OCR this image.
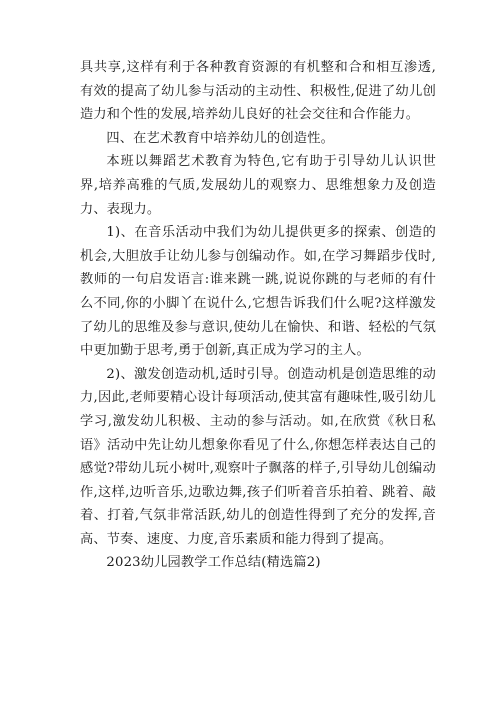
具共享,这样有利于各种教育资源的有机整和合和相互渗透,有效的提高了幼儿参与活动的主动性、积极性,促进了幼儿创造力和个性的发展,培养幼儿良好的社会交往和合作能力。

四、在艺术教育中培养幼儿的创造性。

本班以舞蹈艺术教育为特色,它有助于引导幼儿认识世界,培养高雅的气质,发展幼儿的观察力、思维想象力及创造力、表现力。

1)、在音乐活动中我们为幼儿提供更多的探索、创造的机会,大胆放手让幼儿参与创编动作。如,在学习舞蹈步伐时,教师的一句启发语言:谁来跳一跳,说说你跳的与老师的有什么不同,你的小脚丫在说什么,它想告诉我们什么呢?这样激发了幼儿的思维及参与意识,使幼儿在愉快、和谐、轻松的气氛中更加勤于思考,勇于创新,真正成为学习的主人。

2)、激发创造动机,适时引导。创造动机是创造思维的动力,因此,老师要精心设计每项活动,使其富有趣味性,吸引幼儿学习,激发幼儿积极、主动的参与活动。如,在欣赏《秋日私语》活动中先让幼儿想象你看见了什么,你想怎样表达自己的感觉?带幼儿玩小树叶,观察叶子飘落的样子,引导幼儿创编动作,这样,边听音乐,边歌边舞,孩子们听着音乐拍着、跳着、敲着、打着,气氛非常活跃,幼儿的创造性得到了充分的发挥,音高、节奏、速度、力度,音乐素质和能力得到了提高。

2023幼儿园教学工作总结(精选篇2)
